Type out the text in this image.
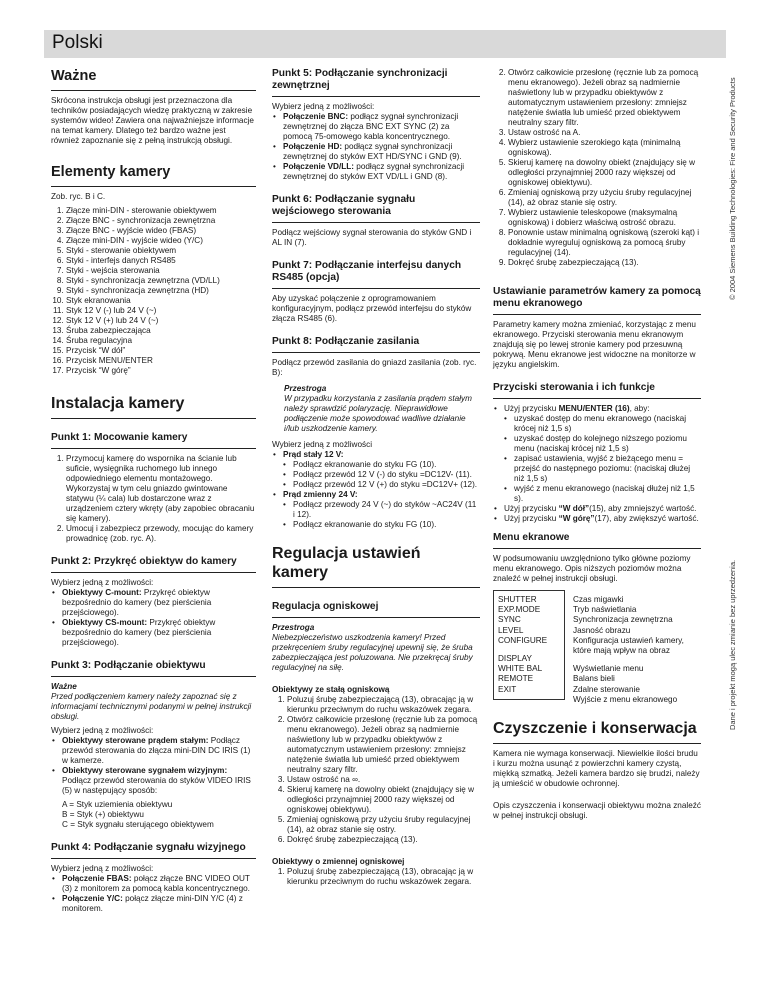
Polski
© 2004 Siemens Building Technologies: Fire and Security Products
Dane i projekt mogą ulec zmianie bez uprzedzenia.
Ważne

Skrócona instrukcja obsługi jest przeznaczona dla techników posiadających wiedzę praktyczną w zakresie systemów wideo! Zawiera ona najważniejsze informacje na temat kamery. Dlatego też bardzo ważne jest również zapoznanie się z pełną instrukcją obsługi.

Elementy kamery

Zob. ryc. B i C.

1. Złącze mini-DIN - sterowanie obiektywem
2. Złącze BNC - synchronizacja zewnętrzna
3. Złącze BNC - wyjście wideo (FBAS)
4. Złącze mini-DIN - wyjście wideo (Y/C)
5. Styki - sterowanie obiektywem
6. Styki - interfejs danych RS485
7. Styki - wejścia sterowania
8. Styki - synchronizacja zewnętrzna (VD/LL)
9. Styki - synchronizacja zewnętrzna (HD)
10. Styk ekranowania
11. Styk 12 V (-) lub 24 V (~)
12. Styk 12 V (+) lub 24 V (~)
13. Śruba zabezpieczająca
14. Śruba regulacyjna
15. Przycisk “W dół”
16. Przycisk MENU/ENTER
17. Przycisk “W górę”
Instalacja kamery
Punkt 1: Mocowanie kamery
1. Przymocuj kamerę do wspornika na ścianie lub suficie, wysięgnika ruchomego lub innego odpowiedniego elementu montażowego. Wykorzystaj w tym celu gniazdo gwintowane statywu (¼ cala) lub dostarczone wraz z urządzeniem cztery wkręty (aby zapobiec obracaniu się kamery).
2. Umocuj i zabezpiecz przewody, mocując do kamery prowadnicę (zob. ryc. A).
Punkt 2: Przykręć obiektyw do kamery

Wybierz jedną z możliwości:

• Obiektywy C-mount: Przykręć obiektyw bezpośrednio do kamery (bez pierścienia przejściowego).
• Obiektywy CS-mount: Przykręć obiektyw bezpośrednio do kamery (bez pierścienia przejściowego).
Punkt 3: Podłączanie obiektywu

Ważne

Przed podłączeniem kamery należy zapoznać się z informacjami technicznymi podanymi w pełnej instrukcji obsługi.

Wybierz jedną z możliwości:

• Obiektywy sterowane prądem stałym: Podłącz przewód sterowania do złącza mini-DIN DC IRIS (1) w kamerze.
• Obiektywy sterowane sygnałem wizyjnym: Podłącz przewód sterowania do styków VIDEO IRIS (5) w następujący sposób:
A = Styk uziemienia obiektywu
B = Styk (+) obiektywu
C = Styk sygnału sterującego obiektywem
Punkt 4: Podłączanie sygnału wizyjnego

Wybierz jedną z możliwości:

• Połączenie FBAS: połącz złącze BNC VIDEO OUT (3) z monitorem za pomocą kabla koncentrycznego.
• Połączenie Y/C: połącz złącze mini-DIN Y/C (4) z monitorem.
Punkt 5: Podłączanie synchronizacji zewnętrznej

Wybierz jedną z możliwości:

• Połączenie BNC: podłącz sygnał synchronizacji zewnętrznej do złącza BNC EXT SYNC (2) za pomocą 75-omowego kabla koncentrycznego.
• Połączenie HD: podłącz sygnał synchronizacji zewnętrznej do styków EXT HD/SYNC i GND (9).
• Połączenie VD/LL: podłącz sygnał synchronizacji zewnętrznej do styków EXT VD/LL i GND (8).
Punkt 6: Podłączanie sygnału wejściowego sterowania

Podłącz wejściowy sygnał sterowania do styków GND i AL IN (7).

Punkt 7: Podłączanie interfejsu danych RS485 (opcja)

Aby uzyskać połączenie z oprogramowaniem konfiguracyjnym, podłącz przewód interfejsu do styków złącza RS485 (6).

Punkt 8: Podłączanie zasilania

Podłącz przewód zasilania do gniazd zasilania (zob. ryc. B):

Przestroga

W przypadku korzystania z zasilania prądem stałym należy sprawdzić polaryzację. Nieprawidłowe podłączenie może spowodować wadliwe działanie i/lub uszkodzenie kamery.

Wybierz jedną z możliwości

• Prąd stały 12 V:
• Podłącz ekranowanie do styku FG (10).
• Podłącz przewód 12 V (-) do styku =DC12V- (11).
• Podłącz przewód 12 V (+) do styku =DC12V+ (12).
• Prąd zmienny 24 V:
• Podłącz przewody 24 V (~) do styków ~AC24V (11 i 12).
• Podłącz ekranowanie do styku FG (10).
Regulacja ustawień kamery
Regulacja ogniskowej

Przestroga

Niebezpieczeństwo uszkodzenia kamery! Przed przekręceniem śruby regulacyjnej upewnij się, że śruba zabezpieczająca jest poluzowana. Nie przekręcaj śruby regulacyjnej na siłę.

Obiektywy ze stałą ogniskową

1. Poluzuj śrubę zabezpieczającą (13), obracając ją w kierunku przeciwnym do ruchu wskazówek zegara.
2. Otwórz całkowicie przesłonę (ręcznie lub za pomocą menu ekranowego). Jeżeli obraz są nadmiernie naświetlony lub w przypadku obiektywów z automatycznym ustawieniem przesłony: zmniejsz natężenie światła lub umieść przed obiektywem neutralny szary filtr.
3. Ustaw ostrość na ∞.
4. Skieruj kamerę na dowolny obiekt (znajdujący się w odległości przynajmniej 2000 razy większej od ogniskowej obiektywu).
5. Zmieniaj ogniskową przy użyciu śruby regulacyjnej (14), aż obraz stanie się ostry.
6. Dokręć śrubę zabezpieczającą (13).

Obiektywy o zmiennej ogniskowej

1. Poluzuj śrubę zabezpieczającą (13), obracając ją w kierunku przeciwnym do ruchu wskazówek zegara.
2. Otwórz całkowicie przesłonę (ręcznie lub za pomocą menu ekranowego). Jeżeli obraz są nadmiernie naświetlony lub w przypadku obiektywów z automatycznym ustawieniem przesłony: zmniejsz natężenie światła lub umieść przed obiektywem neutralny szary filtr.
3. Ustaw ostrość na A.
4. Wybierz ustawienie szerokiego kąta (minimalną ogniskową).
5. Skieruj kamerę na dowolny obiekt (znajdujący się w odległości przynajmniej 2000 razy większej od ogniskowej obiektywu).
6. Zmieniaj ogniskową przy użyciu śruby regulacyjnej (14), aż obraz stanie się ostry.
7. Wybierz ustawienie teleskopowe (maksymalną ogniskową) i dobierz właściwą ostrość obrazu.
8. Ponownie ustaw minimalną ogniskową (szeroki kąt) i dokładnie wyreguluj ogniskową za pomocą śruby regulacyjnej (14).
9. Dokręć śrubę zabezpieczającą (13).
Ustawianie parametrów kamery za pomocą menu ekranowego

Parametry kamery można zmieniać, korzystając z menu ekranowego. Przyciski sterowania menu ekranowym znajdują się po lewej stronie kamery pod przesuwną pokrywą. Menu ekranowe jest widoczne na monitorze w języku angielskim.

Przyciski sterowania i ich funkcje
• Użyj przycisku MENU/ENTER (16), aby:
• uzyskać dostęp do menu ekranowego (naciskaj krócej niż 1,5 s)
• uzyskać dostęp do kolejnego niższego poziomu menu (naciskaj krócej niż 1,5 s)
• zapisać ustawienia, wyjść z bieżącego menu = przejść do następnego poziomu: (naciskaj dłużej niż 1,5 s)
• wyjść z menu ekranowego (naciskaj dłużej niż 1,5 s).
• Użyj przycisku “W dół”(15), aby zmniejszyć wartość.
• Użyj przycisku “W górę”(17), aby zwiększyć wartość.
Menu ekranowe

W podsumowaniu uwzględniono tylko główne poziomy menu ekranowego. Opis niższych poziomów można znaleźć w pełnej instrukcji obsługi.

SHUTTER
EXP.MODE
SYNC
LEVEL
CONFIGURE
DISPLAY
WHITE BAL
REMOTE
EXIT
Czas migawki
Tryb naświetlania
Synchronizacja zewnętrzna
Jasność obrazu
Konfiguracja ustawień kamery,
które mają wpływ na obraz
Wyświetlanie menu
Balans bieli
Zdalne sterowanie
Wyjście z menu ekranowego
Czyszczenie i konserwacja

Kamera nie wymaga konserwacji. Niewielkie ilości brudu i kurzu można usunąć z powierzchni kamery czystą, miękką szmatką. Jeżeli kamera bardzo się brudzi, należy ją umieścić w obudowie ochronnej.

Opis czyszczenia i konserwacji obiektywu można znaleźć w pełnej instrukcji obsługi.
